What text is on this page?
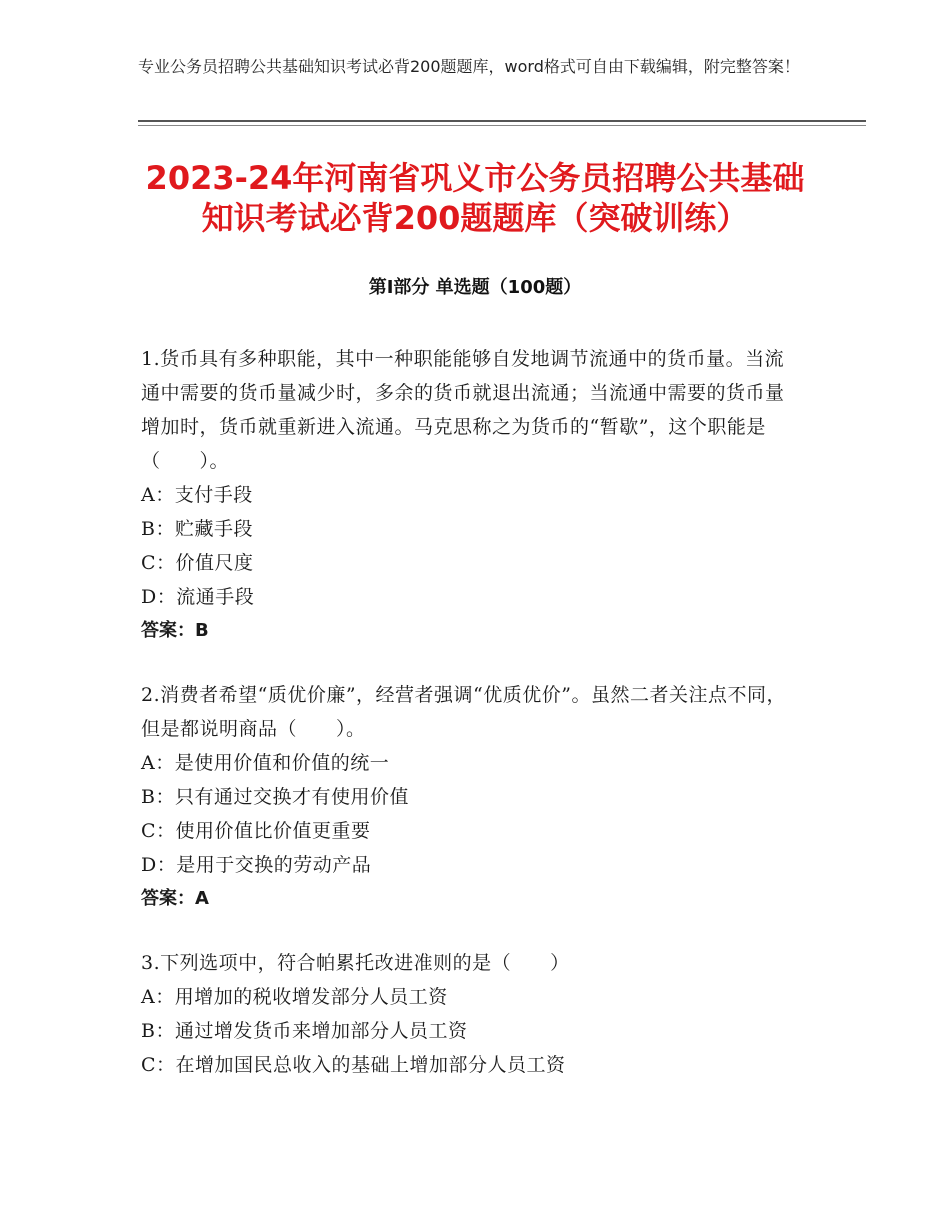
专业公务员招聘公共基础知识考试必背200题题库，word格式可自由下载编辑，附完整答案！
2023-24年河南省巩义市公务员招聘公共基础知识考试必背200题题库（突破训练）
第Ⅰ部分 单选题（100题）

1.货币具有多种职能，其中一种职能能够自发地调节流通中的货币量。当流通中需要的货币量减少时，多余的货币就退出流通；当流通中需要的货币量增加时，货币就重新进入流通。马克思称之为货币的“暂歇”，这个职能是（　　）。

A：支付手段

B：贮藏手段

C：价值尺度

D：流通手段

答案：B

2.消费者希望“质优价廉”，经营者强调“优质优价”。虽然二者关注点不同，但是都说明商品（　　）。

A：是使用价值和价值的统一

B：只有通过交换才有使用价值

C：使用价值比价值更重要

D：是用于交换的劳动产品

答案：A

3.下列选项中，符合帕累托改进准则的是（　　）

A：用增加的税收增发部分人员工资

B：通过增发货币来增加部分人员工资

C：在增加国民总收入的基础上增加部分人员工资
